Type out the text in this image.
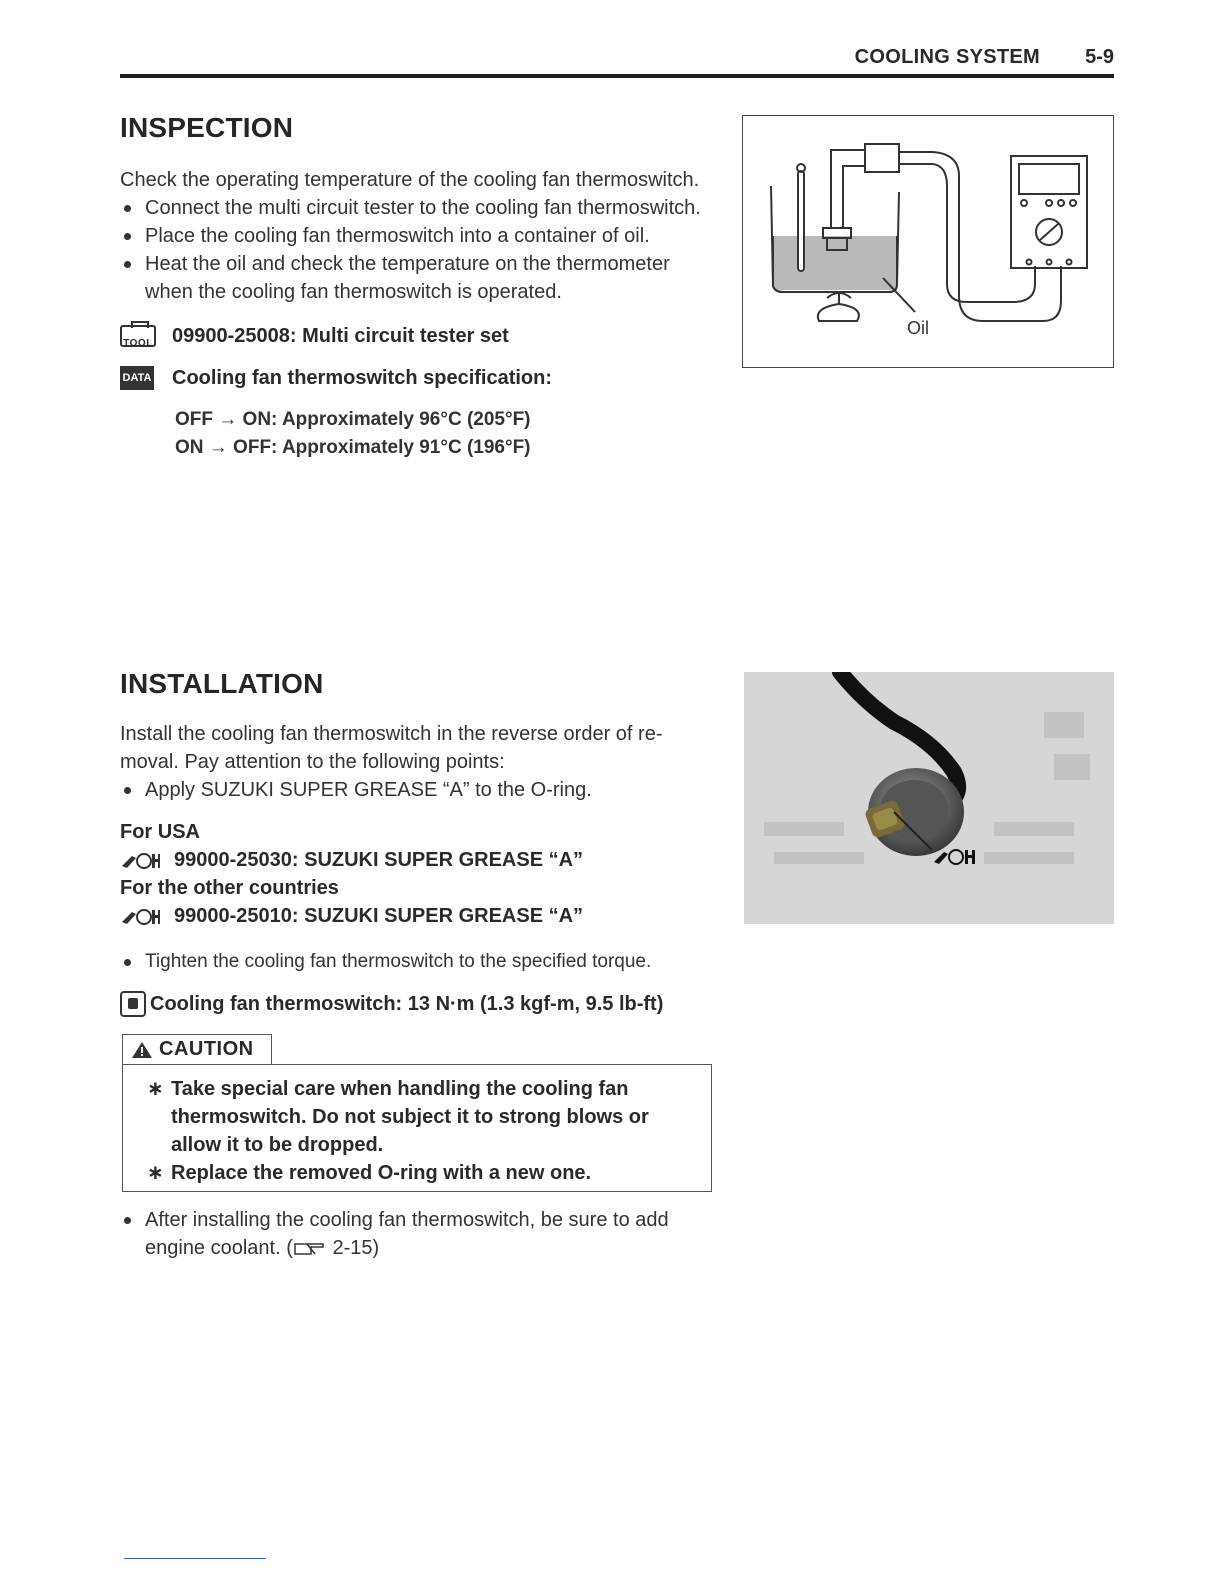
COOLING SYSTEM 5-9
INSPECTION

Check the operating temperature of the cooling fan thermoswitch.

Connect the multi circuit tester to the cooling fan thermoswitch.
Place the cooling fan thermoswitch into a container of oil.
Heat the oil and check the temperature on the thermometer when the cooling fan thermoswitch is operated.
TOOL 09900-25008: Multi circuit tester set
DATA Cooling fan thermoswitch specification:
OFF → ON: Approximately 96°C (205°F)
ON → OFF: Approximately 91°C (196°F)
Oil
INSTALLATION

Install the cooling fan thermoswitch in the reverse order of re-moval. Pay attention to the following points:

Apply SUZUKI SUPER GREASE “A” to the O-ring.
For USA
99000-25030: SUZUKI SUPER GREASE “A”
For the other countries
99000-25010: SUZUKI SUPER GREASE “A”
Tighten the cooling fan thermoswitch to the specified torque.
Cooling fan thermoswitch: 13 N·m (1.3 kgf-m, 9.5 lb-ft)
CAUTION
∗ Take special care when handling the cooling fan thermoswitch. Do not subject it to strong blows or allow it to be dropped.
∗ Replace the removed O-ring with a new one.
After installing the cooling fan thermoswitch, be sure to add engine coolant. ( 2-15)
